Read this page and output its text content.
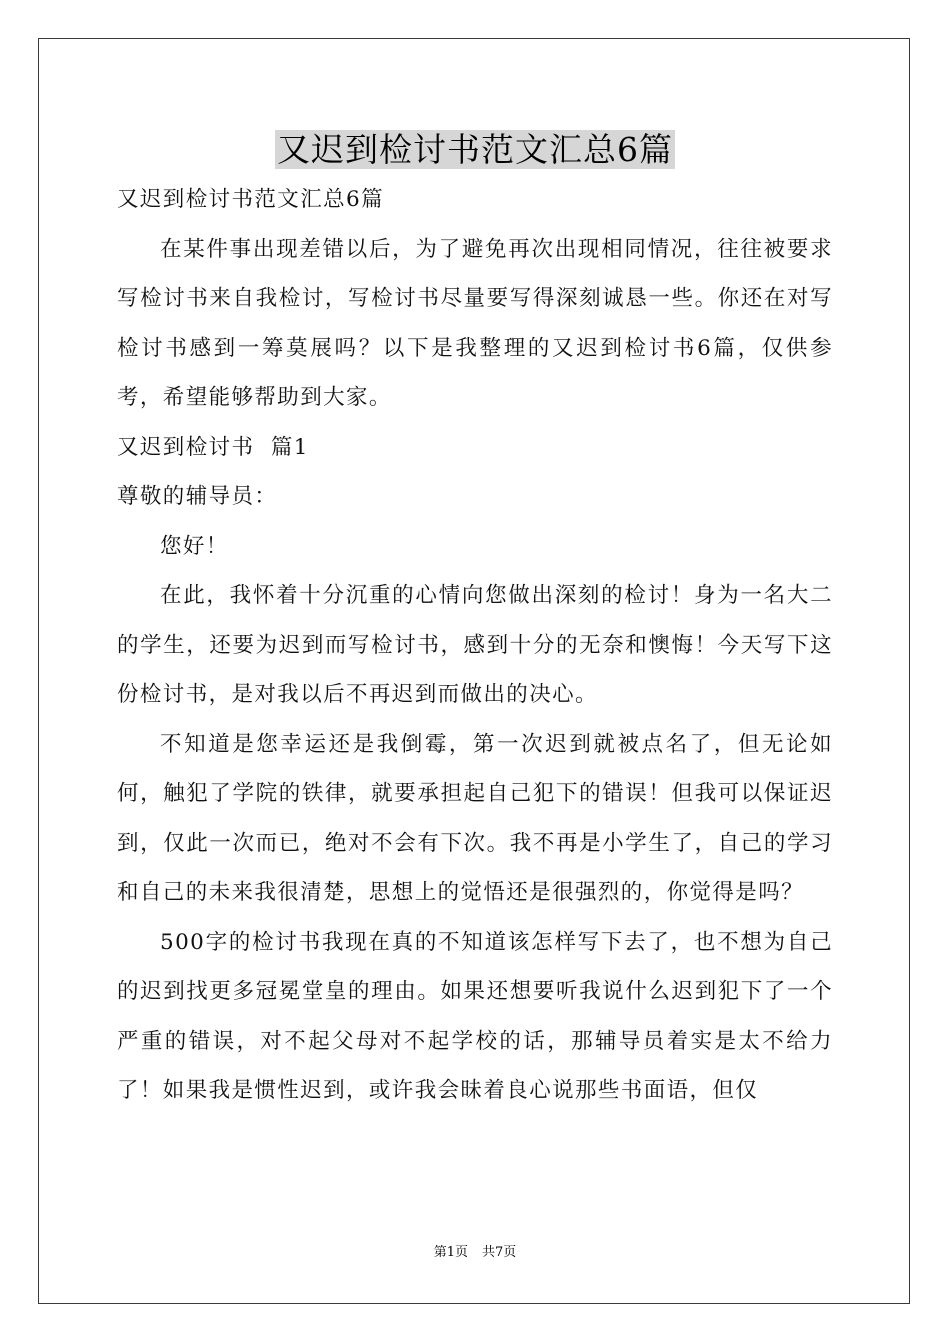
又迟到检讨书范文汇总6篇

又迟到检讨书范文汇总6篇

在某件事出现差错以后，为了避免再次出现相同情况，往往被要求写检讨书来自我检讨，写检讨书尽量要写得深刻诚恳一些。你还在对写检讨书感到一筹莫展吗？以下是我整理的又迟到检讨书6篇，仅供参考，希望能够帮助到大家。

又迟到检讨书  篇1

尊敬的辅导员：

您好！

在此，我怀着十分沉重的心情向您做出深刻的检讨！身为一名大二的学生，还要为迟到而写检讨书，感到十分的无奈和懊悔！今天写下这份检讨书，是对我以后不再迟到而做出的决心。

不知道是您幸运还是我倒霉，第一次迟到就被点名了，但无论如何，触犯了学院的铁律，就要承担起自己犯下的错误！但我可以保证迟到，仅此一次而已，绝对不会有下次。我不再是小学生了，自己的学习和自己的未来我很清楚，思想上的觉悟还是很强烈的，你觉得是吗？

500字的检讨书我现在真的不知道该怎样写下去了，也不想为自己的迟到找更多冠冕堂皇的理由。如果还想要听我说什么迟到犯下了一个严重的错误，对不起父母对不起学校的话，那辅导员着实是太不给力了！如果我是惯性迟到，或许我会昧着良心说那些书面语，但仅

第1页 共7页
